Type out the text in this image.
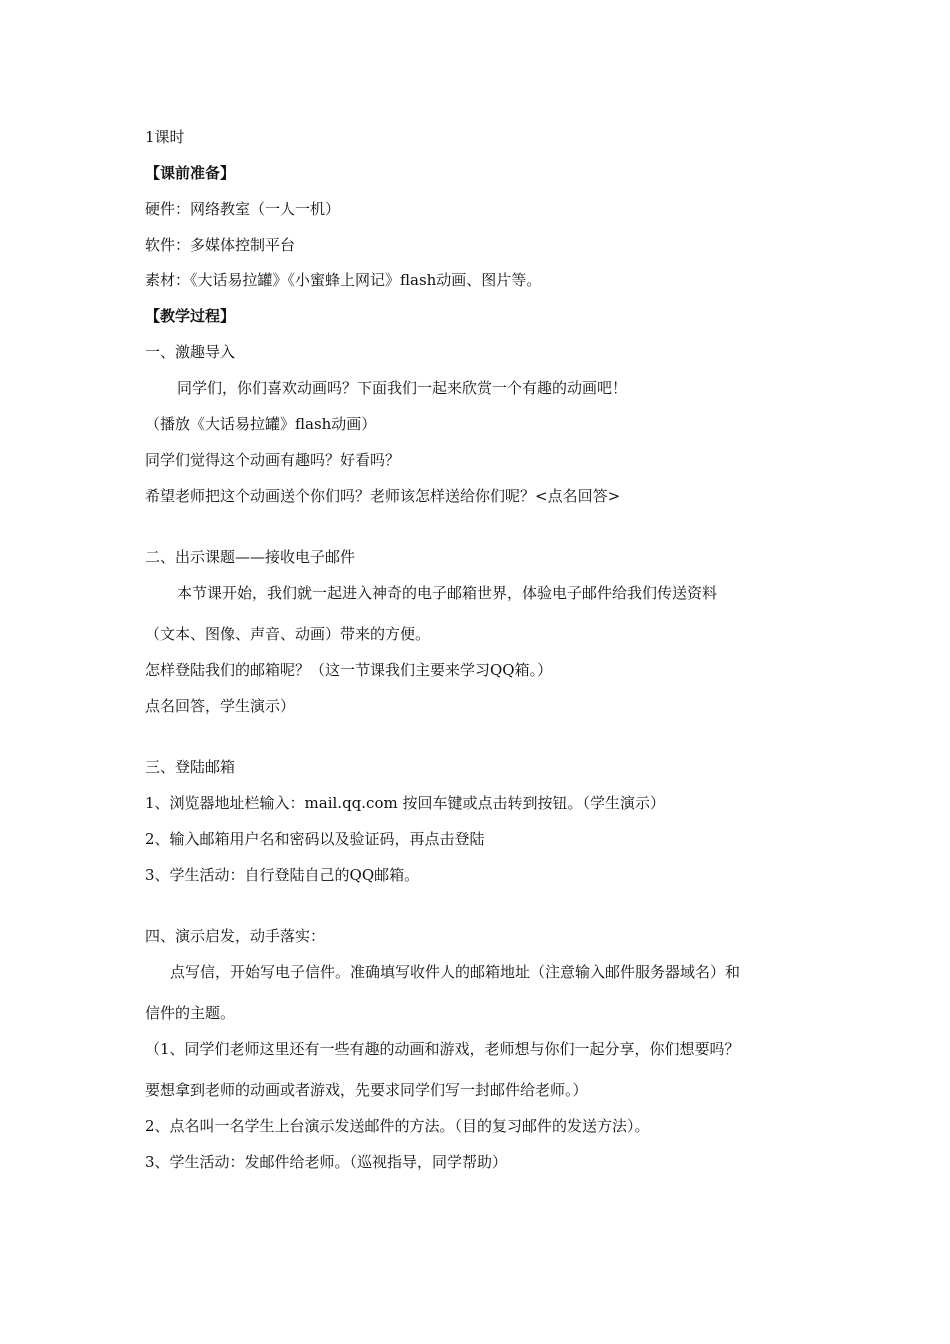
1课时

【课前准备】

硬件：网络教室（一人一机）

软件：多媒体控制平台

素材：《大话易拉罐》《小蜜蜂上网记》flash动画、图片等。

【教学过程】

一、激趣导入

同学们，你们喜欢动画吗？下面我们一起来欣赏一个有趣的动画吧！

（播放《大话易拉罐》flash动画）

同学们觉得这个动画有趣吗？好看吗？

希望老师把这个动画送个你们吗？老师该怎样送给你们呢？<点名回答>

二、出示课题——接收电子邮件

本节课开始，我们就一起进入神奇的电子邮箱世界，体验电子邮件给我们传送资料

（文本、图像、声音、动画）带来的方便。

怎样登陆我们的邮箱呢？（这一节课我们主要来学习QQ箱。）

点名回答，学生演示）

三、登陆邮箱

1、浏览器地址栏输入：mail.qq.com 按回车键或点击转到按钮。（学生演示）

2、输入邮箱用户名和密码以及验证码，再点击登陆

3、学生活动：自行登陆自己的QQ邮箱。

四、演示启发，动手落实：

点写信，开始写电子信件。准确填写收件人的邮箱地址（注意输入邮件服务器域名）和

信件的主题。

（1、同学们老师这里还有一些有趣的动画和游戏，老师想与你们一起分享，你们想要吗？

要想拿到老师的动画或者游戏，先要求同学们写一封邮件给老师。）

2、点名叫一名学生上台演示发送邮件的方法。（目的复习邮件的发送方法）。

3、学生活动：发邮件给老师。（巡视指导，同学帮助）
